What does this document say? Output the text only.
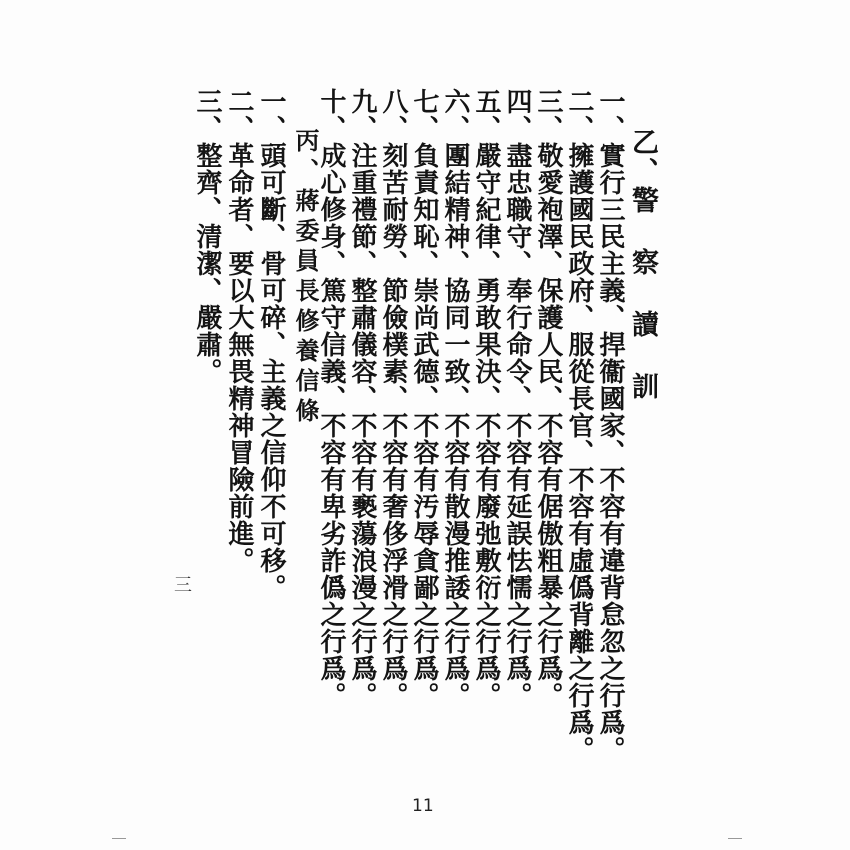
乙、警 察 讀 訓
一、實行三民主義、捍衞國家、不容有違背怠忽之行爲。
二、擁護國民政府、服從長官、不容有虛僞背離之行爲。
三、敬愛袍澤、保護人民、不容有倨傲粗暴之行爲。
四、盡忠職守、奉行命令、不容有延誤怯懦之行爲。
五、嚴守紀律、勇敢果決、不容有廢弛敷衍之行爲。
六、團結精神、協同一致、不容有散漫推諉之行爲。
七、負責知恥、崇尚武德、不容有汚辱貪鄙之行爲。
八、刻苦耐勞、節儉樸素、不容有奢侈浮滑之行爲。
九、注重禮節、整肅儀容、不容有褻蕩浪漫之行爲。
十、成心修身、篤守信義、不容有卑劣詐僞之行爲。
丙、蔣委員長修養信條
一、頭可斷、骨可碎、主義之信仰不可移。
二、革命者、要以大無畏精神冒險前進。
三、整齊、清潔、嚴肅。
三
11
